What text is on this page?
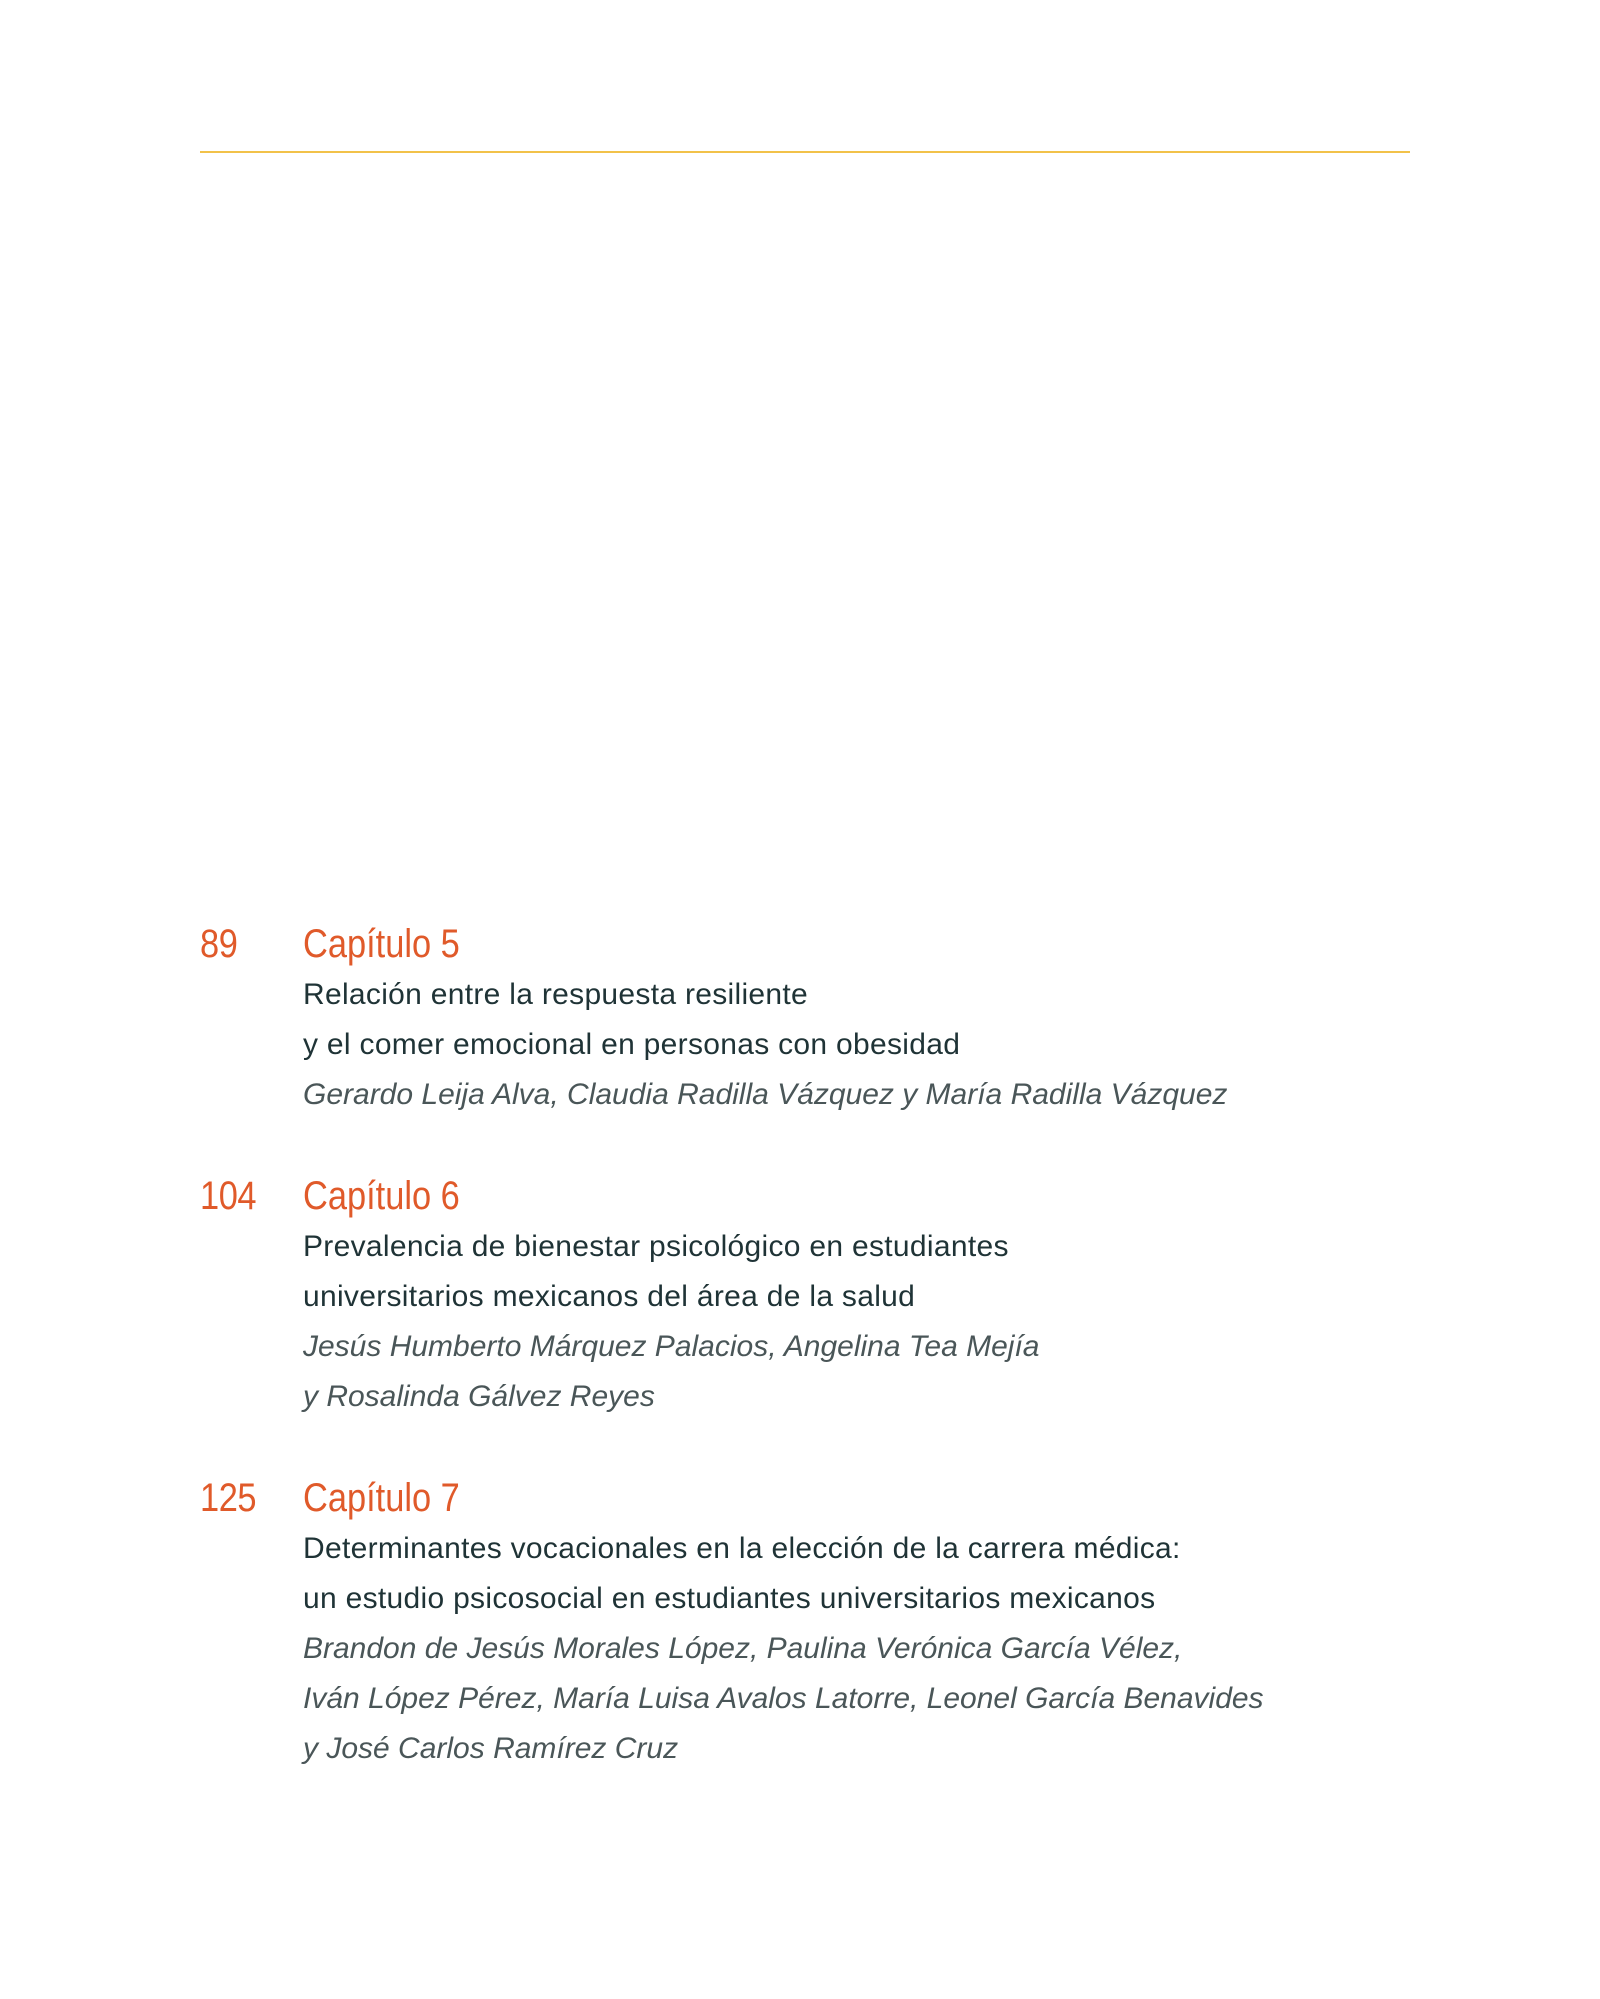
89 Capítulo 5
Relación entre la respuesta resiliente
y el comer emocional en personas con obesidad
Gerardo Leija Alva, Claudia Radilla Vázquez y María Radilla Vázquez
104 Capítulo 6
Prevalencia de bienestar psicológico en estudiantes
universitarios mexicanos del área de la salud
Jesús Humberto Márquez Palacios, Angelina Tea Mejía
y Rosalinda Gálvez Reyes
125 Capítulo 7
Determinantes vocacionales en la elección de la carrera médica:
un estudio psicosocial en estudiantes universitarios mexicanos
Brandon de Jesús Morales López, Paulina Verónica García Vélez,
Iván López Pérez, María Luisa Avalos Latorre, Leonel García Benavides
y José Carlos Ramírez Cruz
